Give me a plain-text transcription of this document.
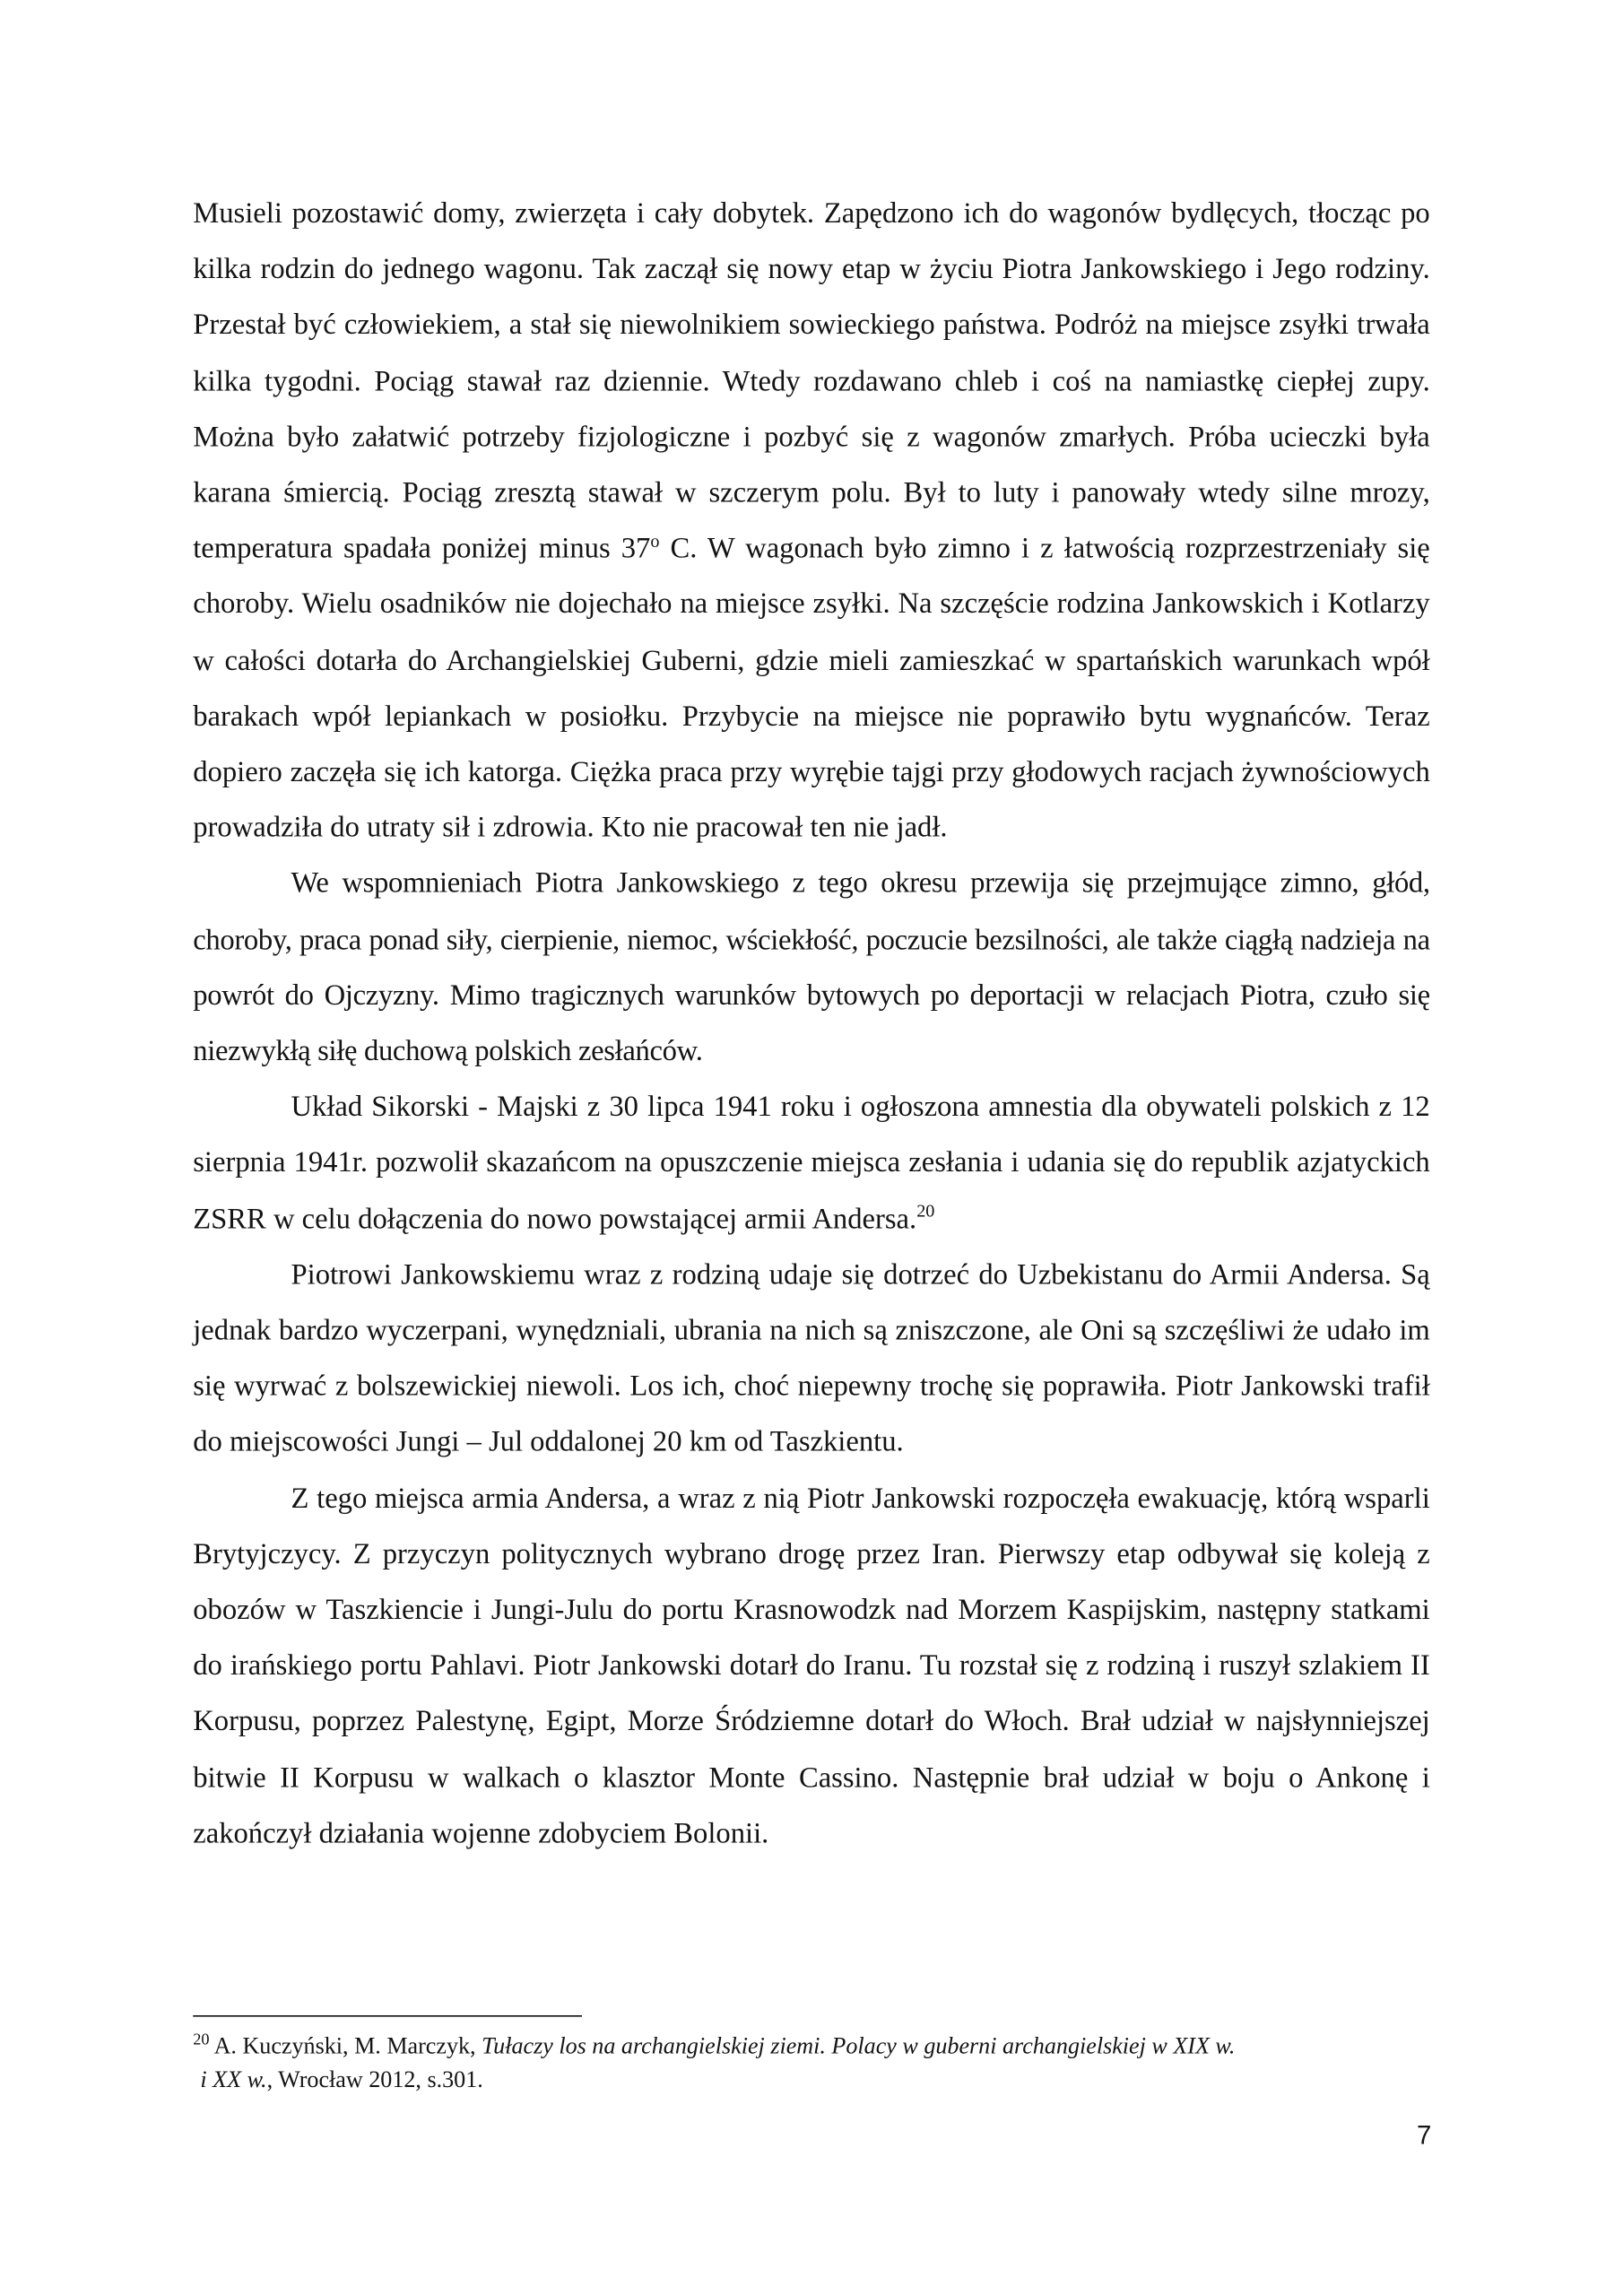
Musieli pozostawić domy, zwierzęta i cały dobytek. Zapędzono ich do wagonów bydlęcych, tłocząc po kilka rodzin do jednego wagonu. Tak zaczął się nowy etap w życiu Piotra Jankowskiego i Jego rodziny. Przestał być człowiekiem, a stał się niewolnikiem sowieckiego państwa. Podróż na miejsce zsyłki trwała kilka tygodni. Pociąg stawał raz dziennie. Wtedy rozdawano chleb i coś na namiastkę ciepłej zupy. Można było załatwić potrzeby fizjologiczne i pozbyć się z wagonów zmarłych. Próba ucieczki była karana śmiercią. Pociąg zresztą stawał w szczerym polu. Był to luty i panowały wtedy silne mrozy, temperatura spadała poniżej minus 37$^o$ C. W wagonach było zimno i z łatwością rozprzestrzeniały się choroby. Wielu osadników nie dojechało na miejsce zsyłki. Na szczęście rodzina Jankowskich i Kotlarzy w całości dotarła do Archangielskiej Guberni, gdzie mieli zamieszkać w spartańskich warunkach wpół barakach wpół lepiankach w posiołku. Przybycie na miejsce nie poprawiło bytu wygnańców. Teraz dopiero zaczęła się ich katorga. Ciężka praca przy wyrębie tajgi przy głodowych racjach żywnościowych prowadziła do utraty sił i zdrowia. Kto nie pracował ten nie jadł.

We wspomnieniach Piotra Jankowskiego z tego okresu przewija się przejmujące zimno, głód, choroby, praca ponad siły, cierpienie, niemoc, wściekłość, poczucie bezsilności, ale także ciągłą nadzieja na powrót do Ojczyzny. Mimo tragicznych warunków bytowych po deportacji w relacjach Piotra, czuło się niezwykłą siłę duchową polskich zesłańców.

Układ Sikorski - Majski z 30 lipca 1941 roku i ogłoszona amnestia dla obywateli polskich z 12 sierpnia 1941r. pozwolił skazańcom na opuszczenie miejsca zesłania i udania się do republik azjatyckich ZSRR w celu dołączenia do nowo powstającej armii Andersa.$^{20}$

Piotrowi Jankowskiemu wraz z rodziną udaje się dotrzeć do Uzbekistanu do Armii Andersa. Są jednak bardzo wyczerpani, wynędzniali, ubrania na nich są zniszczone, ale Oni są szczęśliwi że udało im się wyrwać z bolszewickiej niewoli. Los ich, choć niepewny trochę się poprawiła. Piotr Jankowski trafił do miejscowości Jungi – Jul oddalonej 20 km od Taszkientu.

Z tego miejsca armia Andersa, a wraz z nią Piotr Jankowski rozpoczęła ewakuację, którą wsparli Brytyjczycy. Z przyczyn politycznych wybrano drogę przez Iran. Pierwszy etap odbywał się koleją z obozów w Taszkiencie i Jungi-Julu do portu Krasnowodzk nad Morzem Kaspijskim, następny statkami do irańskiego portu Pahlavi. Piotr Jankowski dotarł do Iranu. Tu rozstał się z rodziną i ruszył szlakiem II Korpusu, poprzez Palestynę, Egipt, Morze Śródziemne dotarł do Włoch. Brał udział w najsłynniejszej bitwie II Korpusu w walkach o klasztor Monte Cassino. Następnie brał udział w boju o Ankonę i zakończył działania wojenne zdobyciem Bolonii.

$^{20}$ A. Kuczyński, M. Marczyk, Tułaczy los na archangielskiej ziemi. Polacy w guberni archangielskiej w XIX w.

i XX w., Wrocław 2012, s.301.

7
